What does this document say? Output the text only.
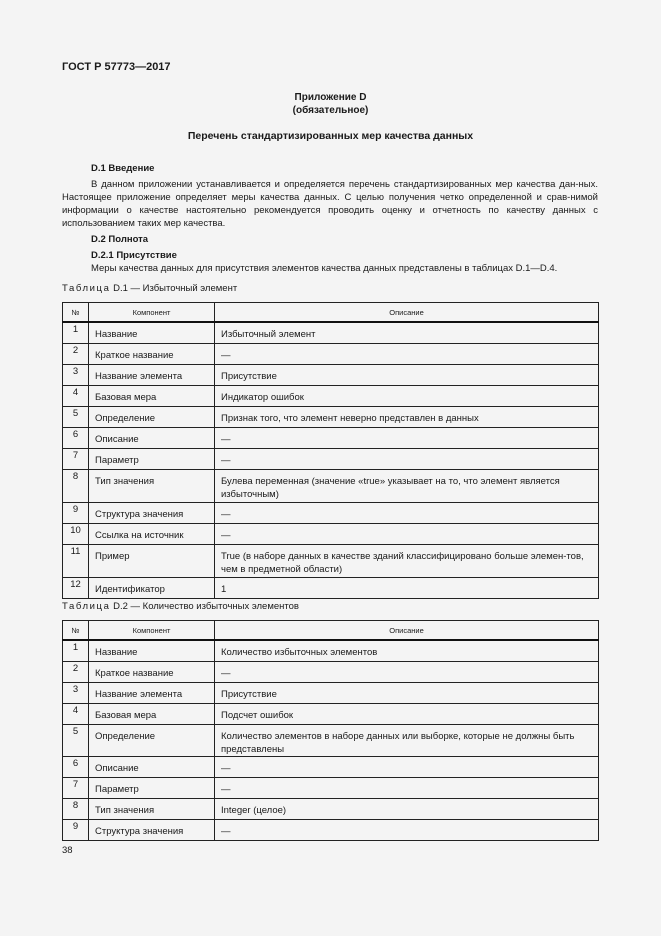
ГОСТ Р 57773—2017
Приложение D
(обязательное)
Перечень стандартизированных мер качества данных
D.1 Введение
В данном приложении устанавливается и определяется перечень стандартизированных мер качества дан-ных. Настоящее приложение определяет меры качества данных. С целью получения четко определенной и срав-нимой информации о качестве настоятельно рекомендуется проводить оценку и отчетность по качеству данных с использованием таких мер качества.
D.2 Полнота
D.2.1 Присутствие
Меры качества данных для присутствия элементов качества данных представлены в таблицах D.1—D.4.
Таблица D.1 — Избыточный элемент
№	Компонент	Описание
1	Название	Избыточный элемент
2	Краткое название	—
3	Название элемента	Присутствие
4	Базовая мера	Индикатор ошибок
5	Определение	Признак того, что элемент неверно представлен в данных
6	Описание	—
7	Параметр	—
8	Тип значения	Булева переменная (значение «true» указывает на то, что элемент является избыточным)
9	Структура значения	—
10	Ссылка на источник	—
11	Пример	True (в наборе данных в качестве зданий классифицировано больше элемен-тов, чем в предметной области)
12	Идентификатор	1
Таблица D.2 — Количество избыточных элементов
№	Компонент	Описание
1	Название	Количество избыточных элементов
2	Краткое название	—
3	Название элемента	Присутствие
4	Базовая мера	Подсчет ошибок
5	Определение	Количество элементов в наборе данных или выборке, которые не должны быть представлены
6	Описание	—
7	Параметр	—
8	Тип значения	Integer (целое)
9	Структура значения	—
38
